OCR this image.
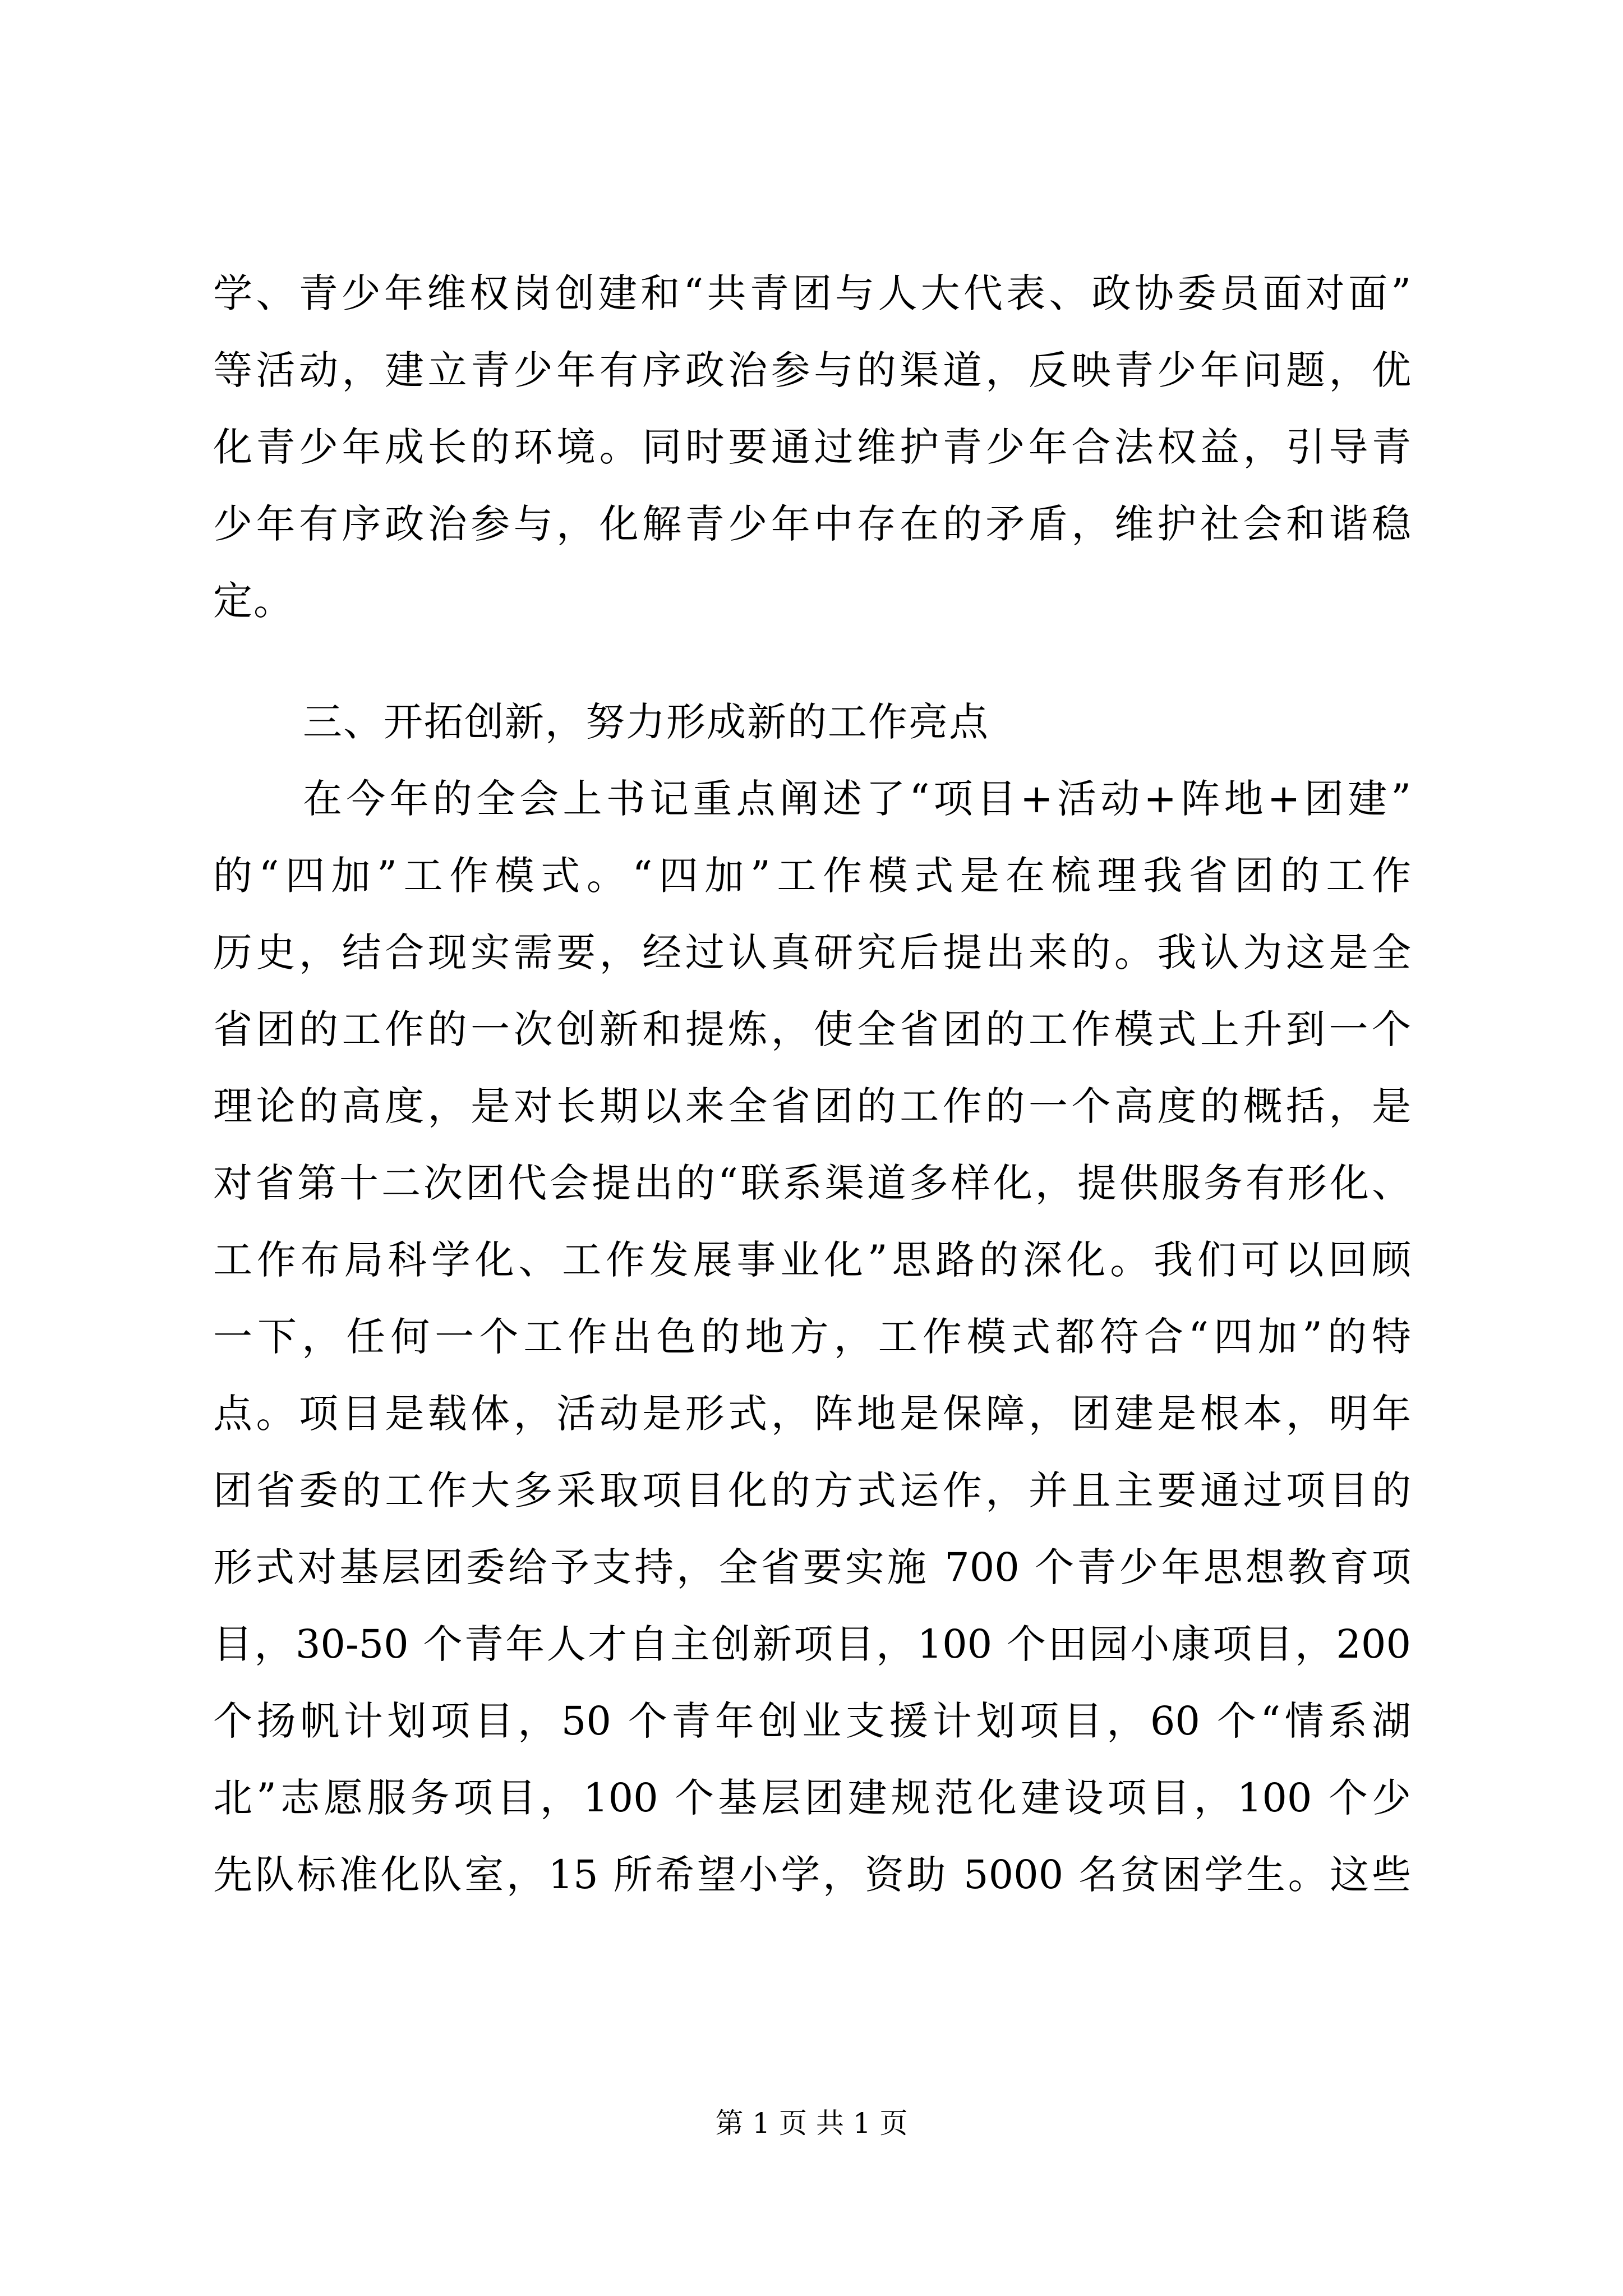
学、青少年维权岗创建和“共青团与人大代表、政协委员面对面”
等活动，建立青少年有序政治参与的渠道，反映青少年问题，优
化青少年成长的环境。同时要通过维护青少年合法权益，引导青
少年有序政治参与，化解青少年中存在的矛盾，维护社会和谐稳
定。
三、开拓创新，努力形成新的工作亮点
在今年的全会上书记重点阐述了“项目+活动+阵地+团建”
的“四加”工作模式。“四加”工作模式是在梳理我省团的工作
历史，结合现实需要，经过认真研究后提出来的。我认为这是全
省团的工作的一次创新和提炼，使全省团的工作模式上升到一个
理论的高度，是对长期以来全省团的工作的一个高度的概括，是
对省第十二次团代会提出的“联系渠道多样化，提供服务有形化、
工作布局科学化、工作发展事业化”思路的深化。我们可以回顾
一下，任何一个工作出色的地方，工作模式都符合“四加”的特
点。项目是载体，活动是形式，阵地是保障，团建是根本，明年
团省委的工作大多采取项目化的方式运作，并且主要通过项目的
形式对基层团委给予支持，全省要实施 700 个青少年思想教育项
目，30-50 个青年人才自主创新项目，100 个田园小康项目，200
个扬帆计划项目，50 个青年创业支援计划项目，60 个“情系湖
北”志愿服务项目，100 个基层团建规范化建设项目，100 个少
先队标准化队室，15 所希望小学，资助 5000 名贫困学生。这些
第 1 页 共 1 页
